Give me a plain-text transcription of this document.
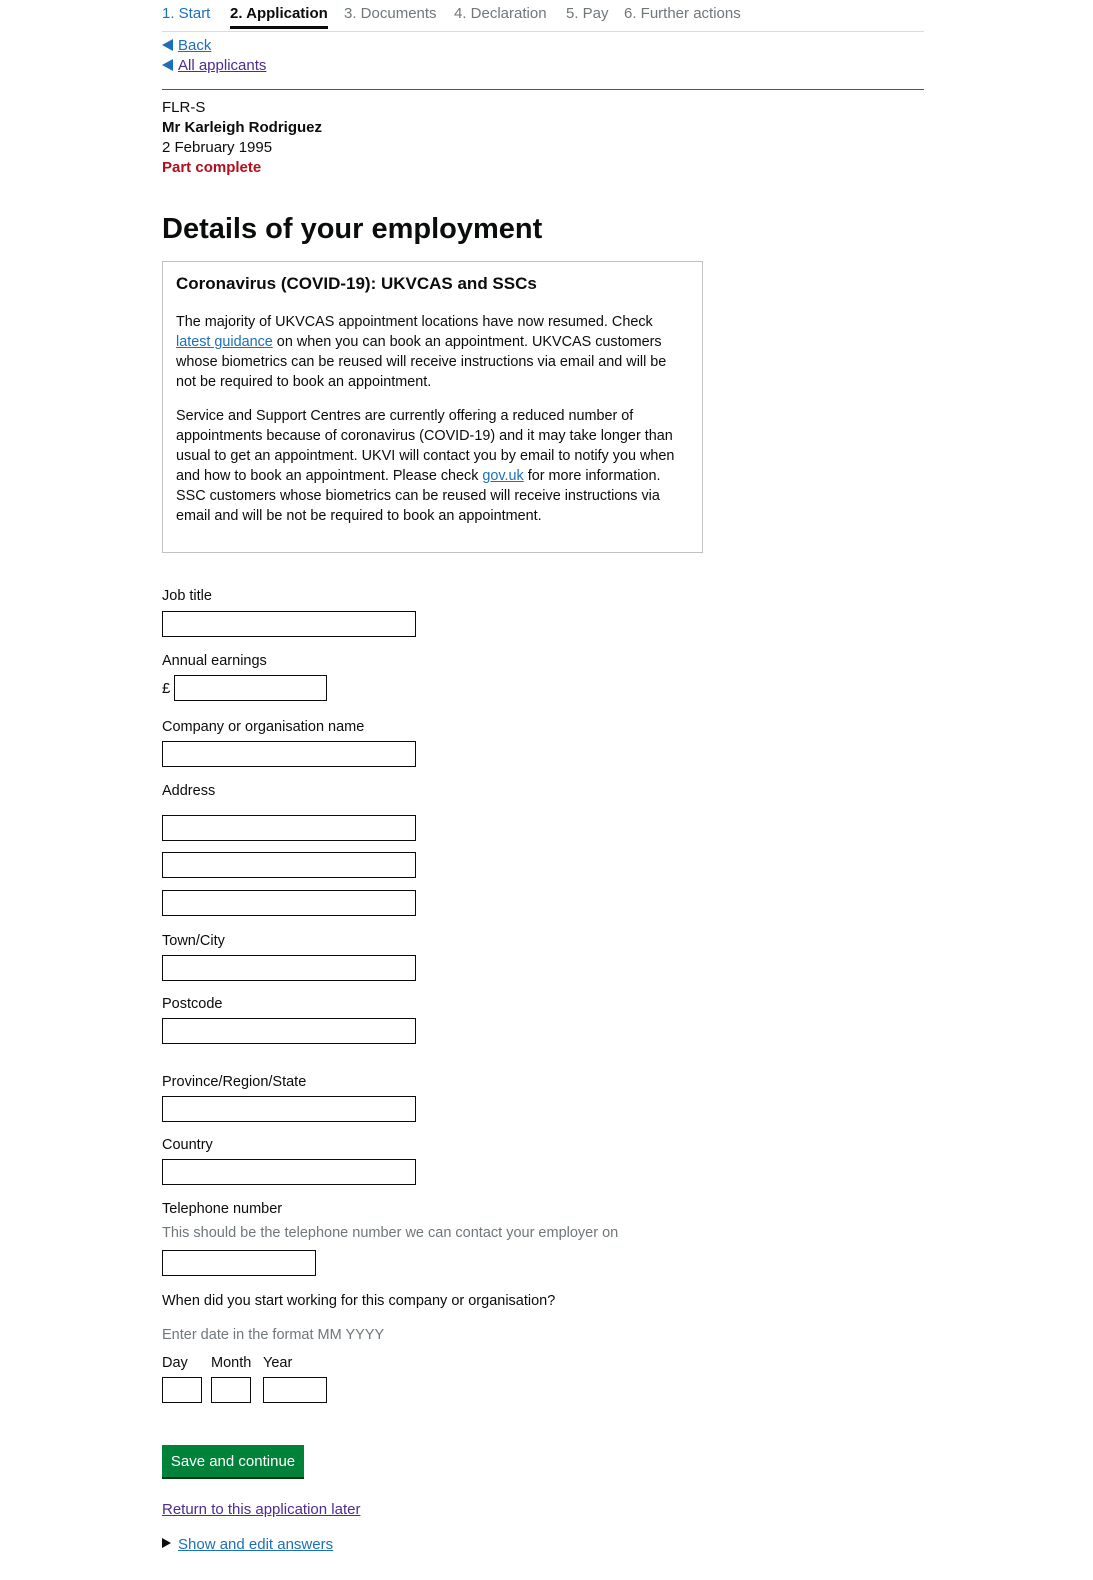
1. Start 2. Application 3. Documents 4. Declaration 5. Pay 6. Further actions
Back
All applicants
FLR-S
Mr Karleigh Rodriguez
2 February 1995
Part complete
Details of your employment
Coronavirus (COVID-19): UKVCAS and SSCs

The majority of UKVCAS appointment locations have now resumed. Check latest guidance on when you can book an appointment. UKVCAS customers whose biometrics can be reused will receive instructions via email and will be not be required to book an appointment.

Service and Support Centres are currently offering a reduced number of appointments because of coronavirus (COVID-19) and it may take longer than usual to get an appointment. UKVI will contact you by email to notify you when and how to book an appointment. Please check gov.uk for more information. SSC customers whose biometrics can be reused will receive instructions via email and will be not be required to book an appointment.

Job title
Annual earnings
£
Company or organisation name
Address
Town/City
Postcode
Province/Region/State
Country
Telephone number
This should be the telephone number we can contact your employer on
When did you start working for this company or organisation?
Enter date in the format MM YYYY
Day Month Year
Save and continue
Return to this application later
Show and edit answers
